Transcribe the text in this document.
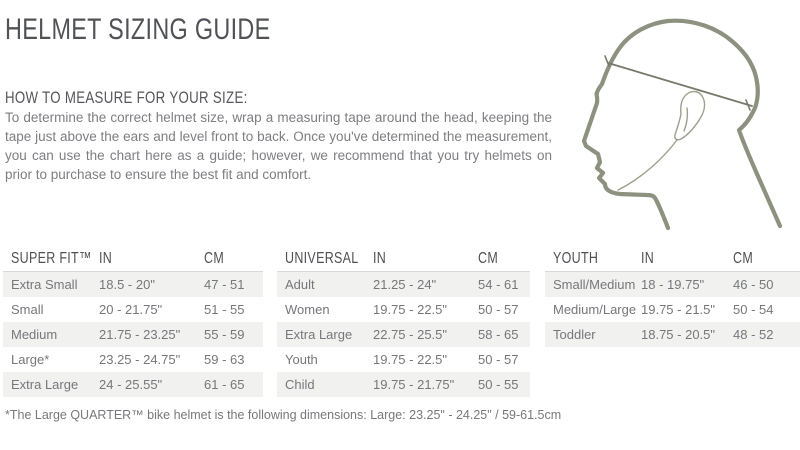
HELMET SIZING GUIDE
HOW TO MEASURE FOR YOUR SIZE:
To determine the correct helmet size, wrap a measuring tape around the head, keeping the tape just above the ears and level front to back. Once you've determined the measurement, you can use the chart here as a guide; however, we recommend that you try helmets on prior to purchase to ensure the best fit and comfort.
SUPER FIT™ IN	CM
Extra Small	18.5 - 20"	47 - 51
Small	20 - 21.75"	51 - 55
Medium	21.75 - 23.25"	55 - 59
Large*	23.25 - 24.75"	59 - 63
Extra Large	24 - 25.55"	61 - 65
UNIVERSAL IN	CM
Adult	21.25 - 24"	54 - 61
Women	19.75 - 22.5"	50 - 57
Extra Large	22.75 - 25.5"	58 - 65
Youth	19.75 - 22.5"	50 - 57
Child	19.75 - 21.75"	50 - 55
YOUTH	IN	CM
Small/Medium 18 - 19.75"	46 - 50
Medium/Large 19.75 - 21.5"	50 - 54
Toddler	18.75 - 20.5"	48 - 52
*The Large QUARTER™ bike helmet is the following dimensions: Large: 23.25" - 24.25" / 59-61.5cm
